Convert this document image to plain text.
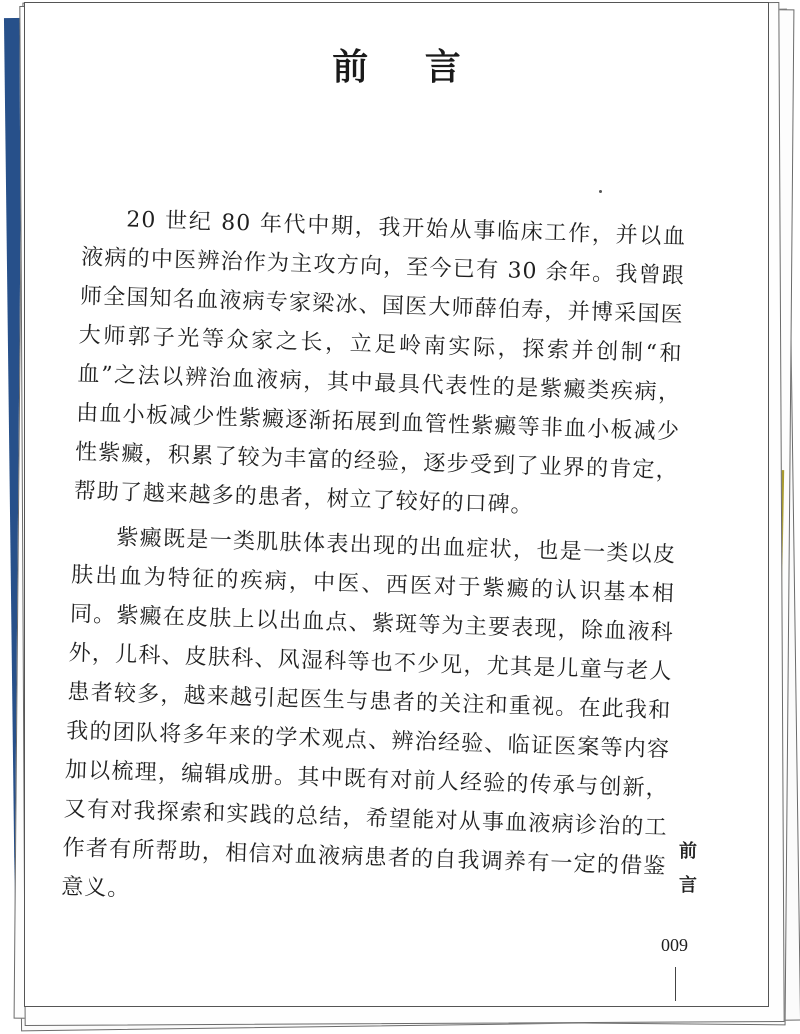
前 言

20 世纪 80 年代中期，我开始从事临床工作，并以血液病的中医辨治作为主攻方向，至今已有 30 余年。我曾跟师全国知名血液病专家梁冰、国医大师薛伯寿，并博采国医大师郭子光等众家之长，立足岭南实际，探索并创制“和血”之法以辨治血液病，其中最具代表性的是紫癜类疾病，由血小板减少性紫癜逐渐拓展到血管性紫癜等非血小板减少性紫癜，积累了较为丰富的经验，逐步受到了业界的肯定，帮助了越来越多的患者，树立了较好的口碑。

紫癜既是一类肌肤体表出现的出血症状，也是一类以皮肤出血为特征的疾病，中医、西医对于紫癜的认识基本相同。紫癜在皮肤上以出血点、紫斑等为主要表现，除血液科外，儿科、皮肤科、风湿科等也不少见，尤其是儿童与老人患者较多，越来越引起医生与患者的关注和重视。在此我和我的团队将多年来的学术观点、辨治经验、临证医案等内容加以梳理，编辑成册。其中既有对前人经验的传承与创新，又有对我探索和实践的总结，希望能对从事血液病诊治的工作者有所帮助，相信对血液病患者的自我调养有一定的借鉴意义。

前
言
009
